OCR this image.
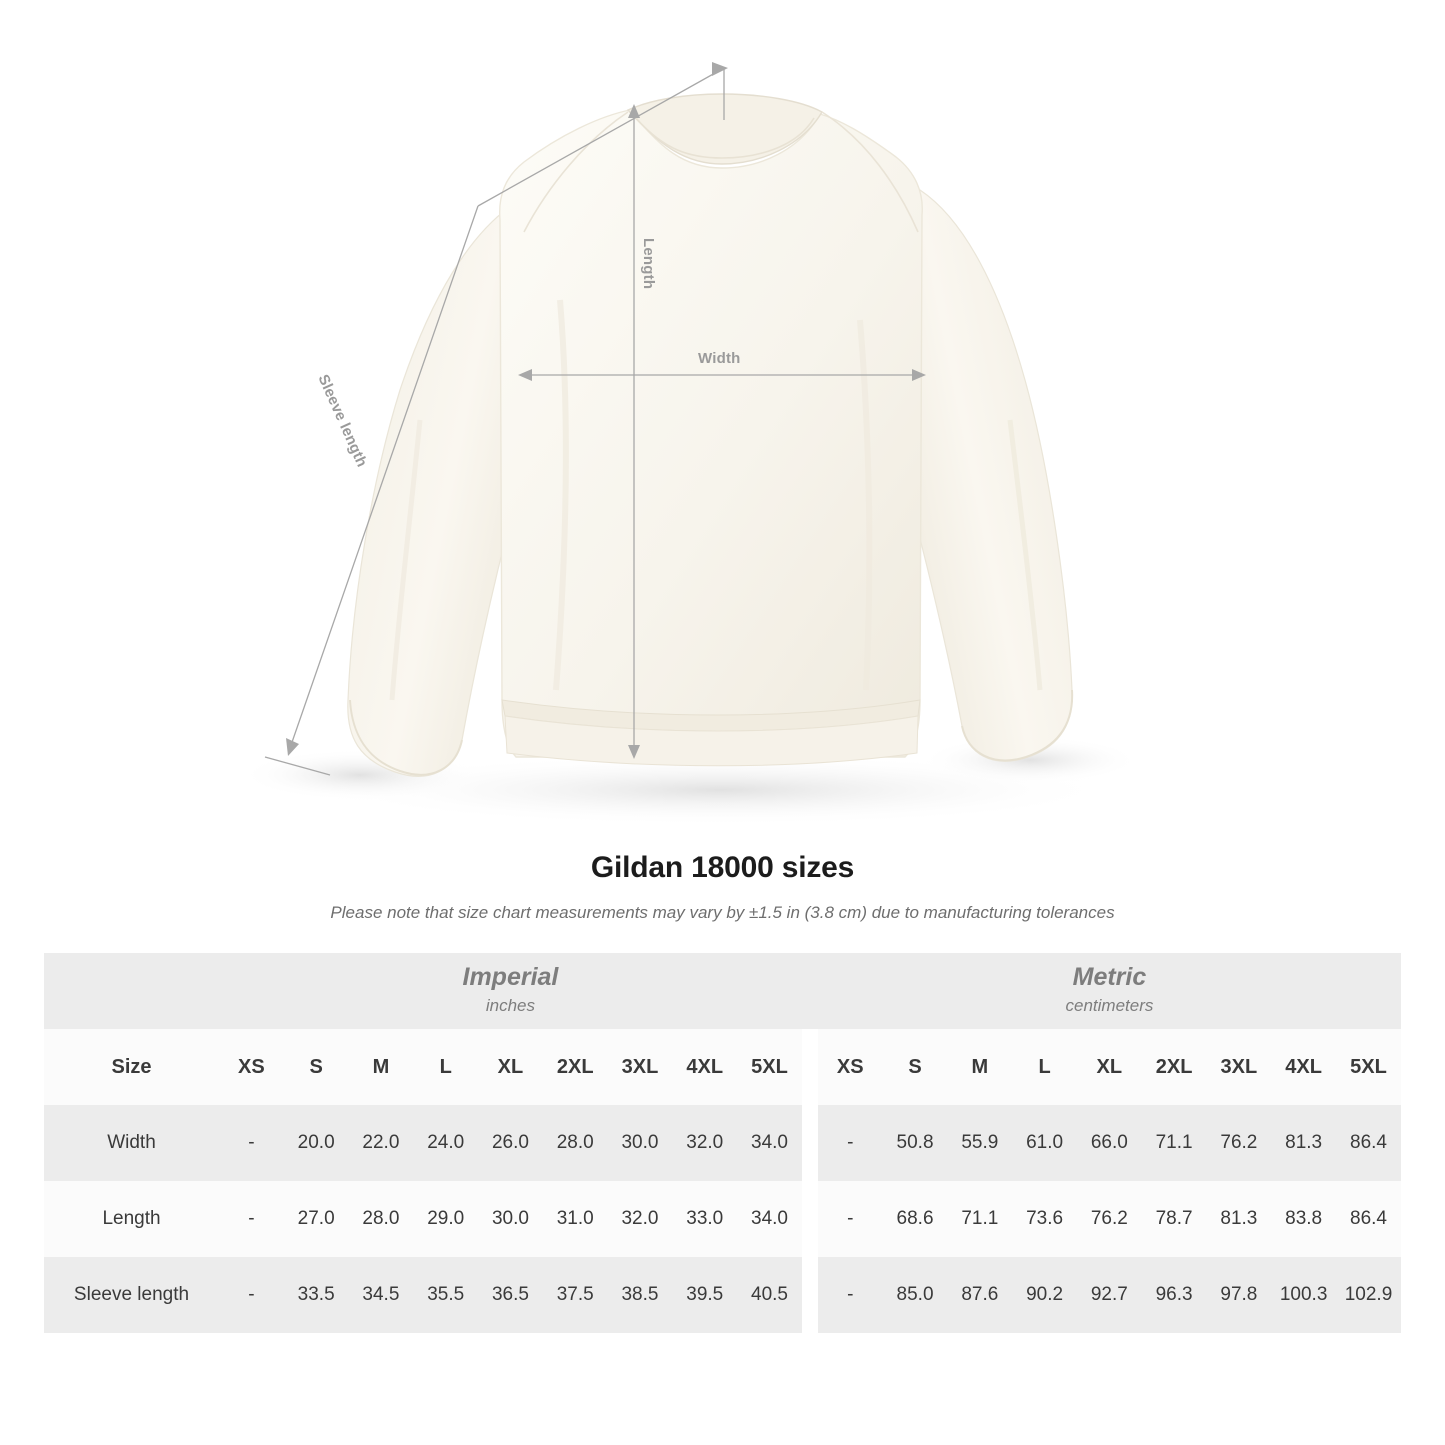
Length
Width
Sleeve length
Gildan 18000 sizes

Please note that size chart measurements may vary by ±1.5 in (3.8 cm) due to manufacturing tolerances

Imperial
inches

Metric
centimeters

Size	XS	S	M	L	XL	2XL	3XL	4XL	5XL		XS	S	M	L	XL	2XL	3XL	4XL	5XL
Width	-	20.0	22.0	24.0	26.0	28.0	30.0	32.0	34.0		-	50.8	55.9	61.0	66.0	71.1	76.2	81.3	86.4
Length	-	27.0	28.0	29.0	30.0	31.0	32.0	33.0	34.0		-	68.6	71.1	73.6	76.2	78.7	81.3	83.8	86.4
Sleeve length	-	33.5	34.5	35.5	36.5	37.5	38.5	39.5	40.5		-	85.0	87.6	90.2	92.7	96.3	97.8	100.3	102.9
